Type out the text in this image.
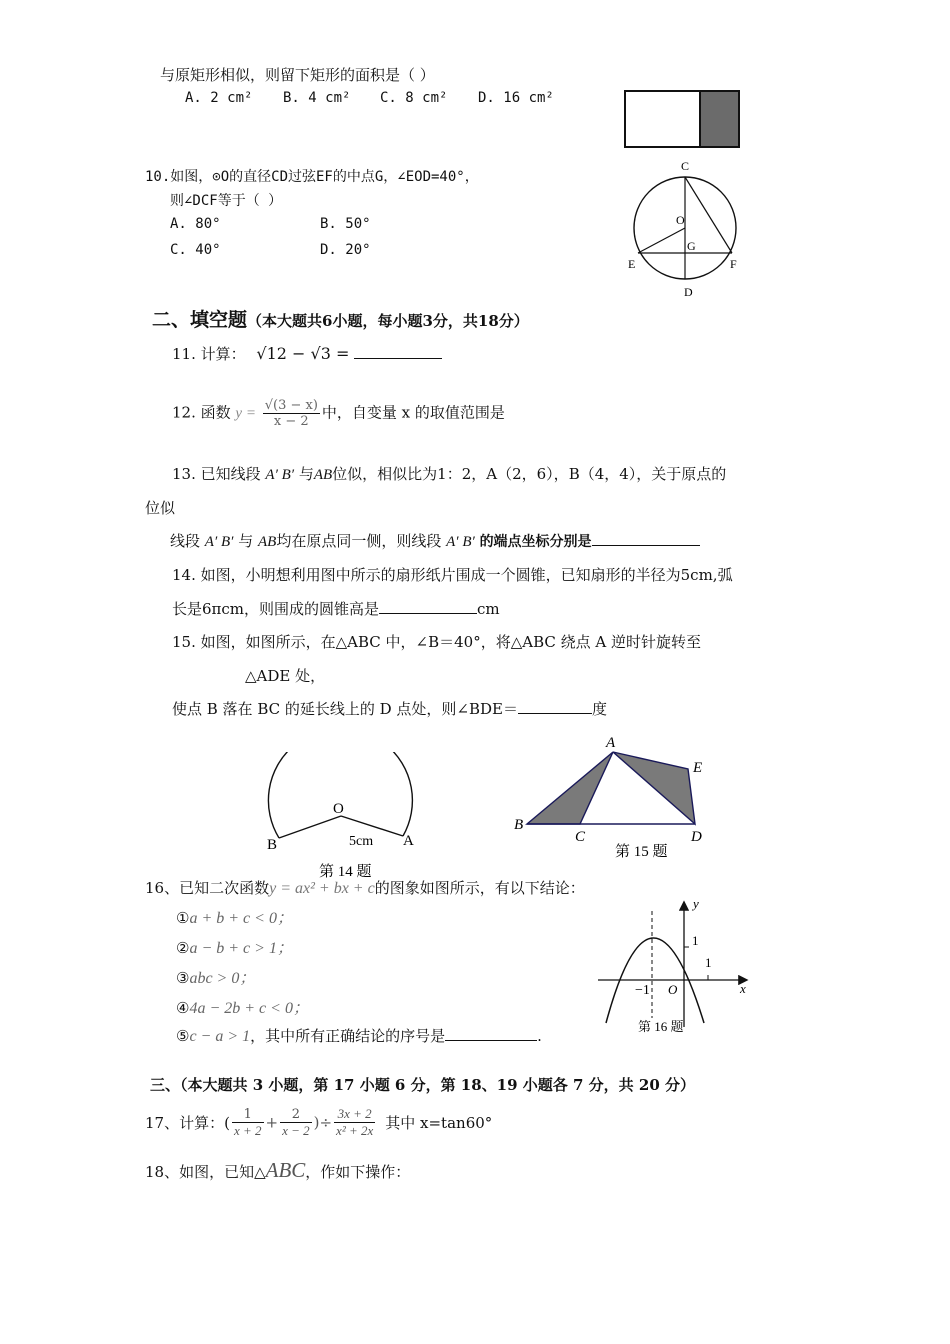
与原矩形相似，则留下矩形的面积是（ ）
A. 2 cm² B. 4 cm² C. 8 cm² D. 16 cm²
10.如图，⊙O的直径CD过弦EF的中点G，∠EOD=40°，
则∠DCF等于（ ）
A. 80°	B. 50°
C. 40°	D. 20°
C
O
G
E	F
D
二、填空题（本大题共6小题，每小题3分，共18分）
11. 计算： √12 − √3 =
12. 函数 $y = \frac{√(3 - x)}{x - 2}$ 中，自变量 x 的取值范围是
13. 已知线段 A′ B′ 与AB位似，相似比为1：2，A（2，6），B（4，4），关于原点的
位似
线段 A′ B′ 与 AB均在原点同一侧，则线段 A′ B′ 的端点坐标分别是
14. 如图，小明想利用图中所示的扇形纸片围成一个圆锥，已知扇形的半径为5cm,弧
长是6πcm，则围成的圆锥高是	cm
15. 如图，如图所示，在△ABC 中，∠B＝40°，将△ABC 绕点 A 逆时针旋转至
△ADE 处，
使点 B 落在 BC 的延长线上的 D 点处，则∠BDE＝	度
O
B	A
5cm
第 14 题
A
B
C	D
E
第 15 题
16、已知二次函数y = ax² + bx + c的图象如图所示，有以下结论：
①a + b + c < 0；
②a − b + c > 1；
③abc > 0；
④4a − 2b + c < 0；
⑤c − a > 1，其中所有正确结论的序号是	.
y
x
1
1
−1 O
第 16 题
三、（本大题共 3 小题，第 17 小题 6 分，第 18、19 小题各 7 分，共 20 分）
17、计算：( $\frac{1}{x + 2} + \frac{2}{x - 2}$ )÷ $\frac{3x + 2}{\text{x² + 2x}}$ 其中 x=tan60°
18、如图，已知△ABC，作如下操作：
